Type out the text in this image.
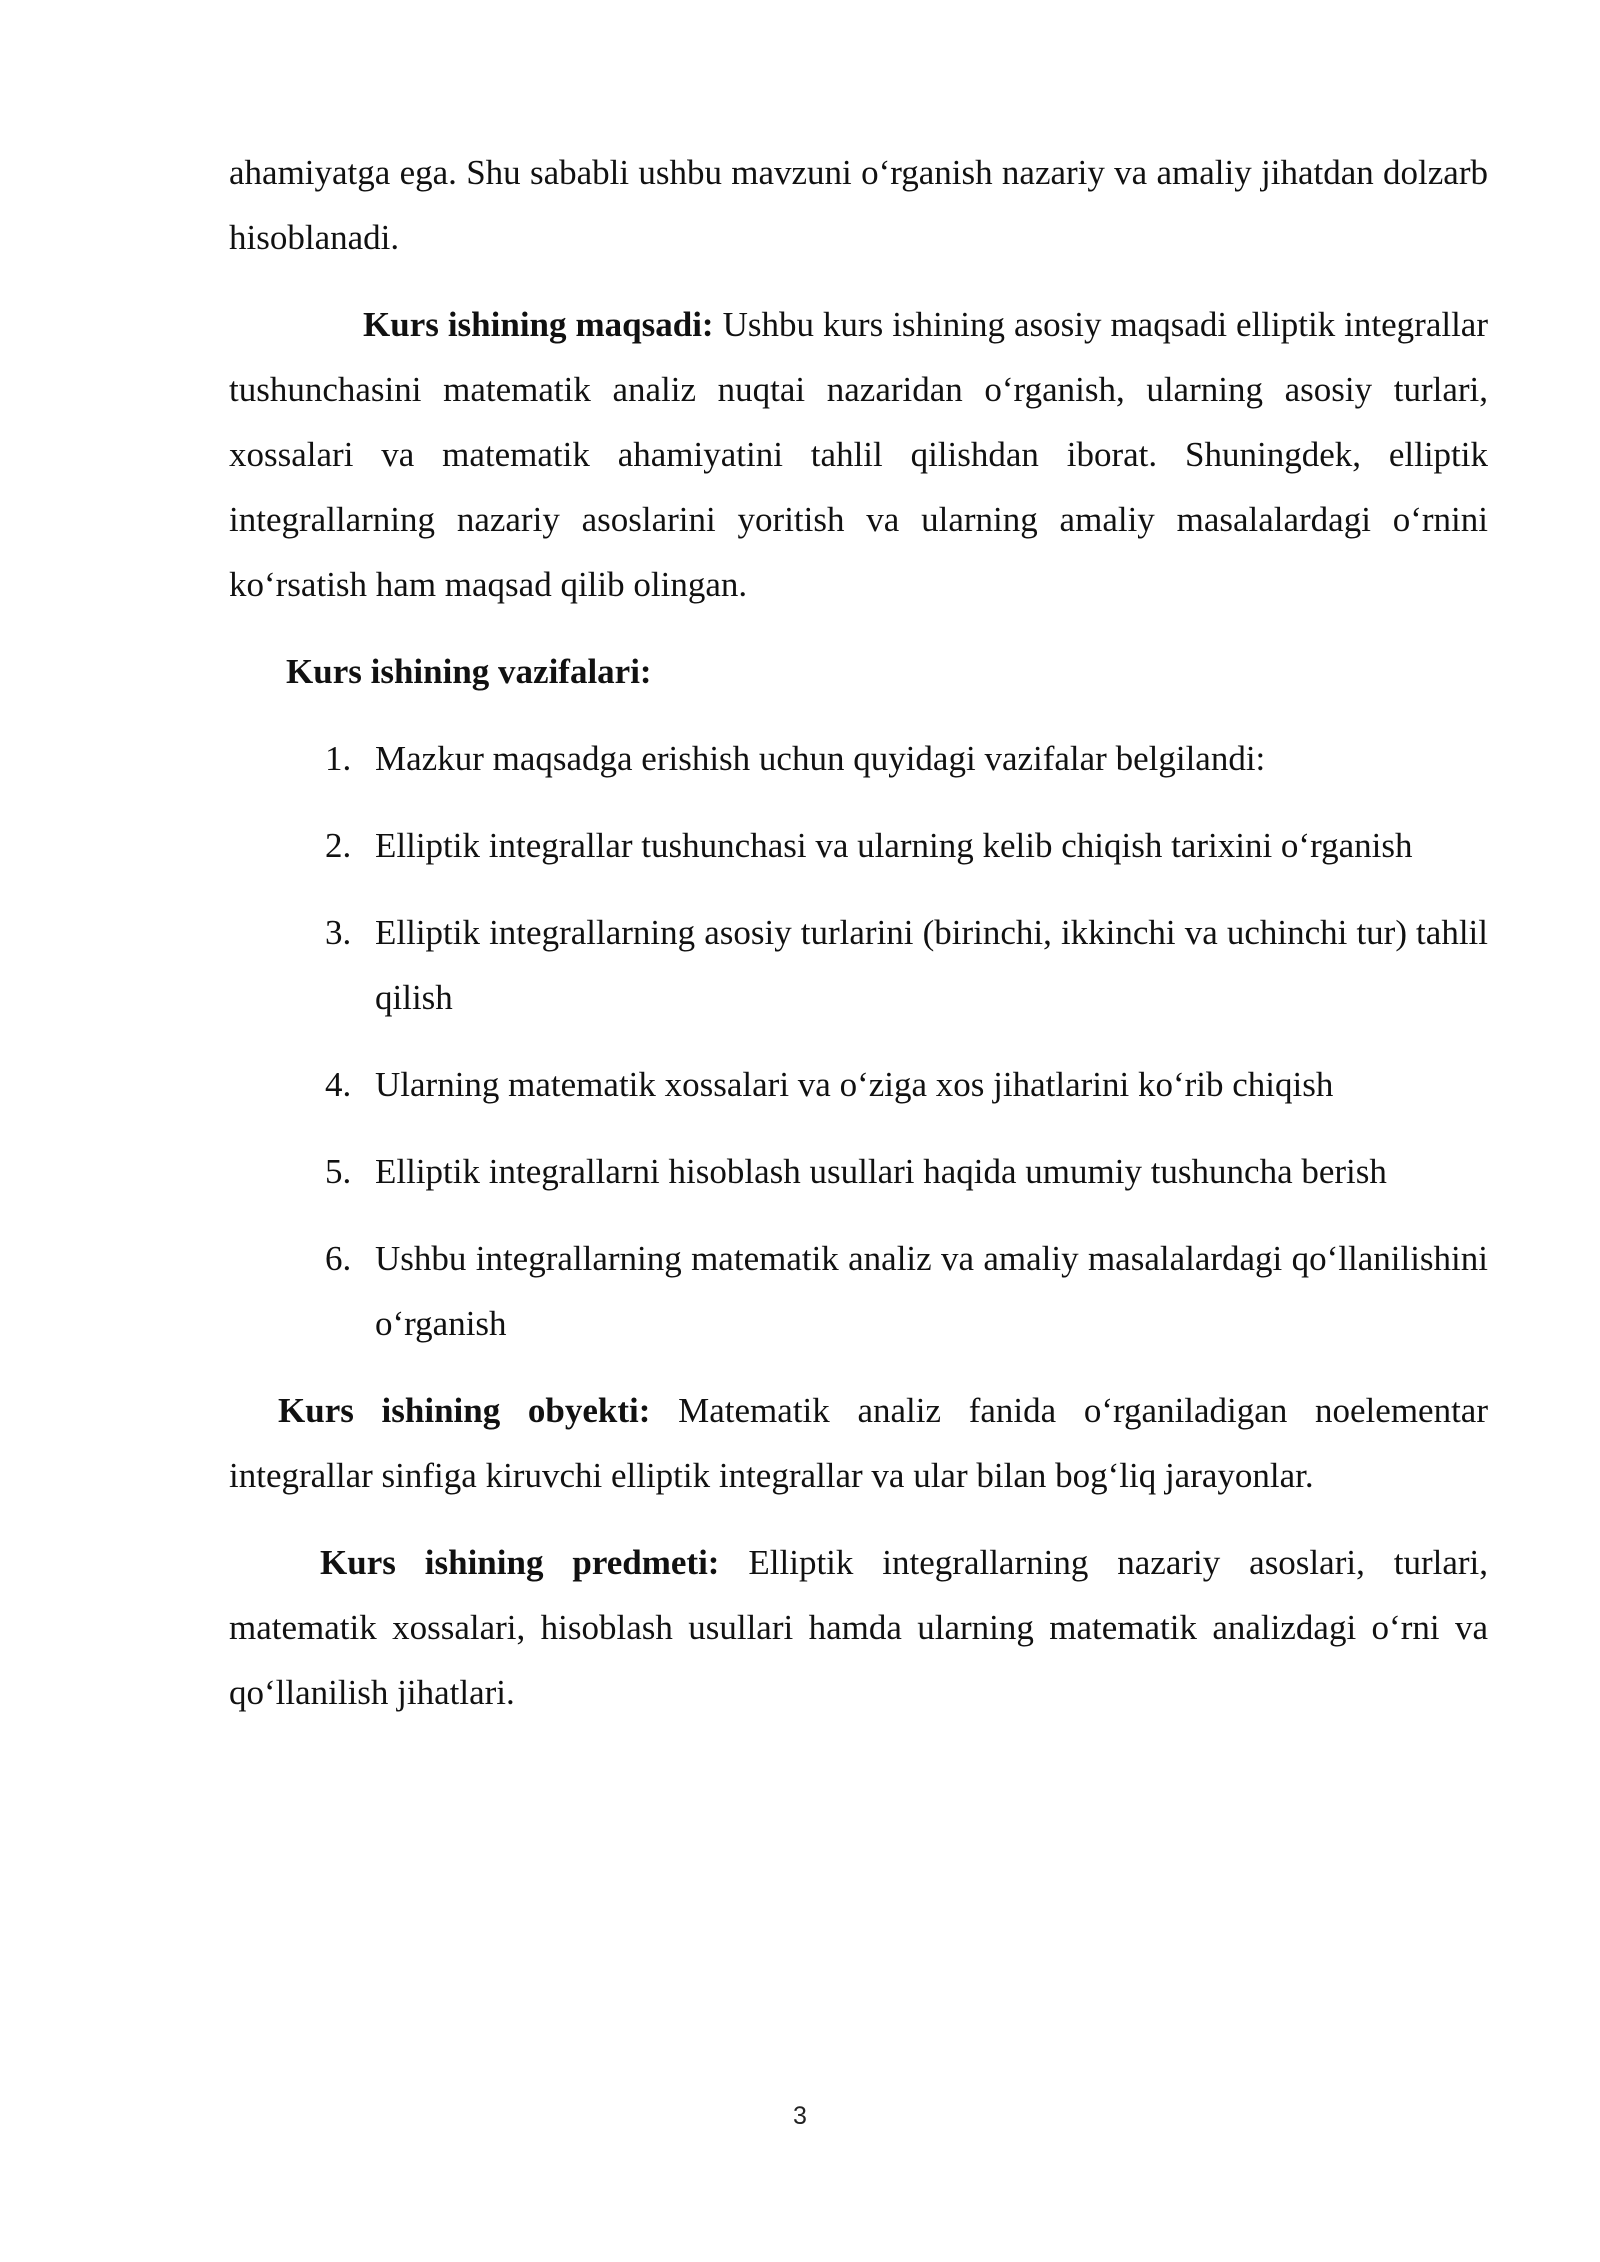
ahamiyatga ega. Shu sababli ushbu mavzuni o‘rganish nazariy va amaliy jihatdan dolzarb hisoblanadi.

Kurs ishining maqsadi: Ushbu kurs ishining asosiy maqsadi elliptik integrallar tushunchasini matematik analiz nuqtai nazaridan o‘rganish, ularning asosiy turlari, xossalari va matematik ahamiyatini tahlil qilishdan iborat. Shuningdek, elliptik integrallarning nazariy asoslarini yoritish va ularning amaliy masalalardagi o‘rnini ko‘rsatish ham maqsad qilib olingan.

Kurs ishining vazifalari:

1. Mazkur maqsadga erishish uchun quyidagi vazifalar belgilandi:
2. Elliptik integrallar tushunchasi va ularning kelib chiqish tarixini o‘rganish
3. Elliptik integrallarning asosiy turlarini (birinchi, ikkinchi va uchinchi tur) tahlil qilish
4. Ularning matematik xossalari va o‘ziga xos jihatlarini ko‘rib chiqish
5. Elliptik integrallarni hisoblash usullari haqida umumiy tushuncha berish
6. Ushbu integrallarning matematik analiz va amaliy masalalardagi qo‘llanilishini o‘rganish

Kurs ishining obyekti: Matematik analiz fanida o‘rganiladigan noelementar integrallar sinfiga kiruvchi elliptik integrallar va ular bilan bog‘liq jarayonlar.

Kurs ishining predmeti: Elliptik integrallarning nazariy asoslari, turlari, matematik xossalari, hisoblash usullari hamda ularning matematik analizdagi o‘rni va qo‘llanilish jihatlari.

3
